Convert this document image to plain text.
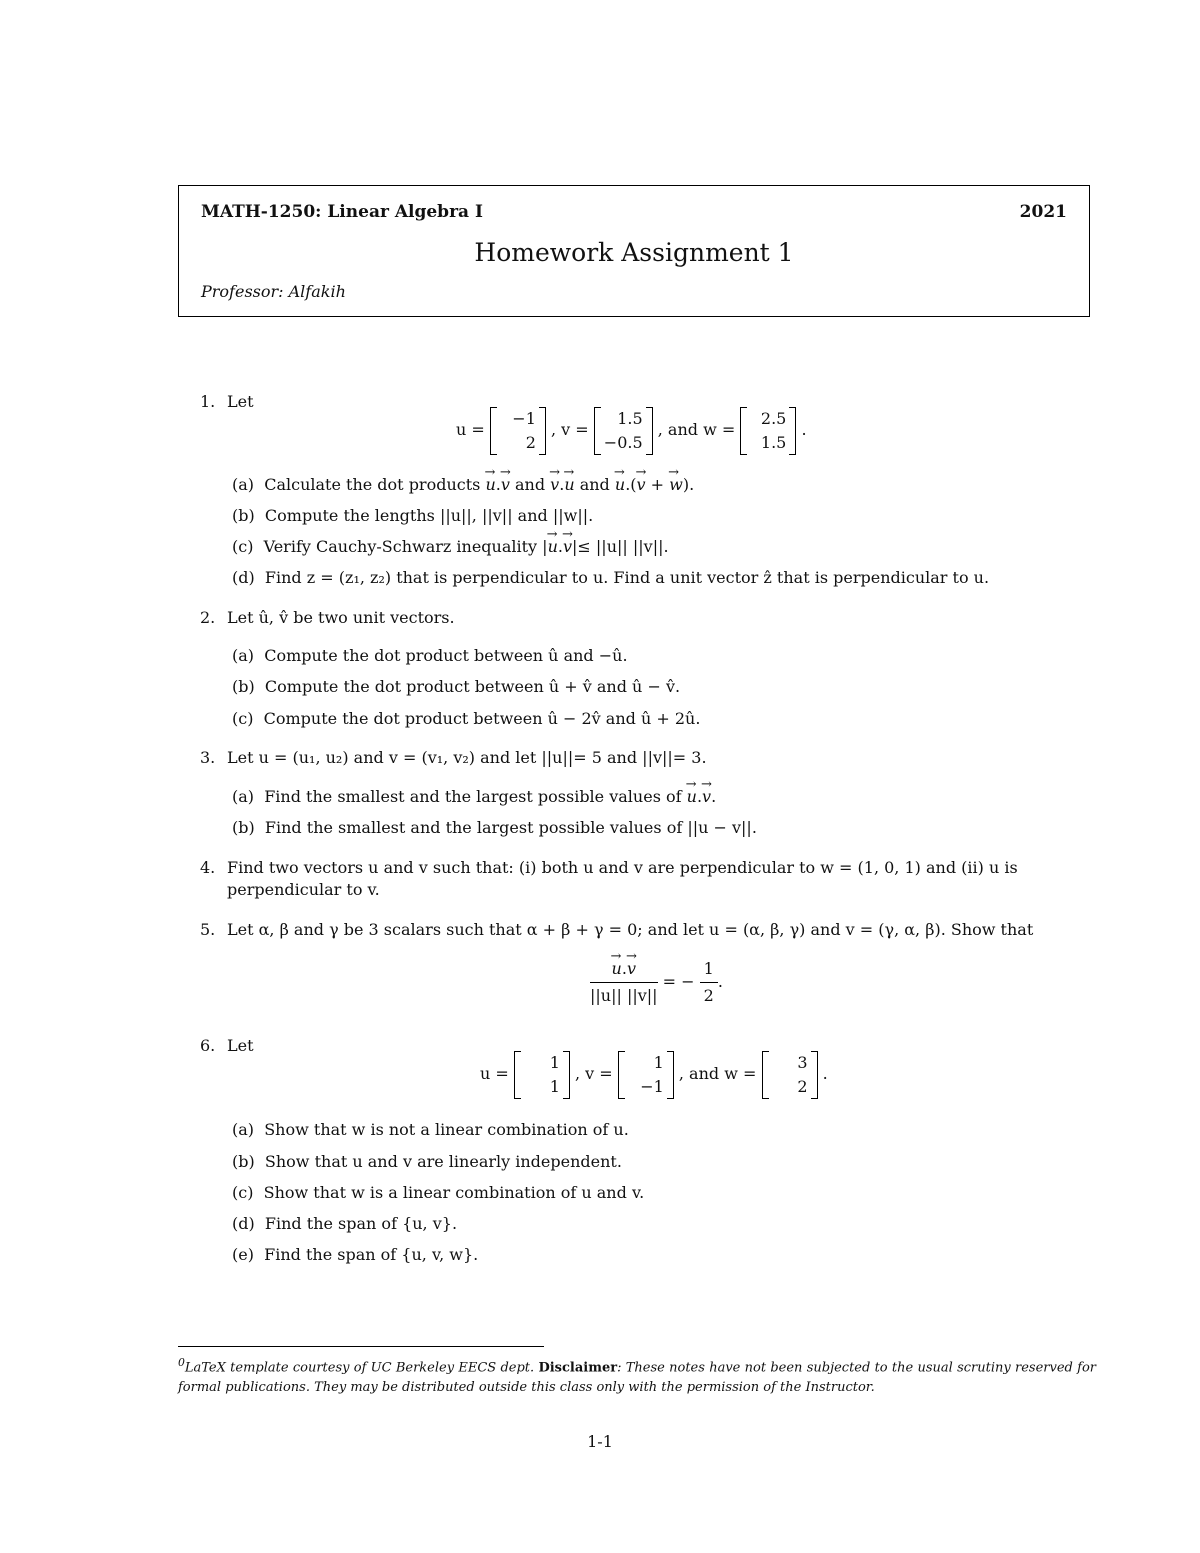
MATH-1250: Linear Algebra I	2021
Homework Assignment 1
Professor: Alfakih
1. Let
u =
−1
2
, v =
1.5
−0.5
, and w =
2.5
1.5
.
(a) Calculate the dot products → u.→ v and → v.→ u and → u.(→ v + → w).
(b) Compute the lengths ||u||, ||v|| and ||w||.
(c) Verify Cauchy-Schwarz inequality |→ u.→ v|≤ ||u|| ||v||.
(d) Find z = (z₁, z₂) that is perpendicular to u. Find a unit vector ẑ that is perpendicular to u.
2. Let û, v̂ be two unit vectors.
(a) Compute the dot product between û and −û.
(b) Compute the dot product between û + v̂ and û − v̂.
(c) Compute the dot product between û − 2v̂ and û + 2û.
3. Let u = (u₁, u₂) and v = (v₁, v₂) and let ||u||= 5 and ||v||= 3.
(a) Find the smallest and the largest possible values of → u.→ v.
(b) Find the smallest and the largest possible values of ||u − v||.
4. Find two vectors u and v such that: (i) both u and v are perpendicular to w = (1, 0, 1) and (ii) u is
perpendicular to v.
5. Let α, β and γ be 3 scalars such that α + β + γ = 0; and let u = (α, β, γ) and v = (γ, α, β). Show that
→ $\frac{u.\to v}{||u|| ||v||}$ = − $\frac{1}{2}$ .
6. Let
u =
1
1
, v =
1
−1
, and w =
3
2
.
(a) Show that w is not a linear combination of u.
(b) Show that u and v are linearly independent.
(c) Show that w is a linear combination of u and v.
(d) Find the span of {u, v}.
(e) Find the span of {u, v, w}.
$^0$LaTeX template courtesy of UC Berkeley EECS dept. Disclaimer: These notes have not been subjected to the usual scrutiny reserved for formal publications. They may be distributed outside this class only with the permission of the Instructor.
1-1
